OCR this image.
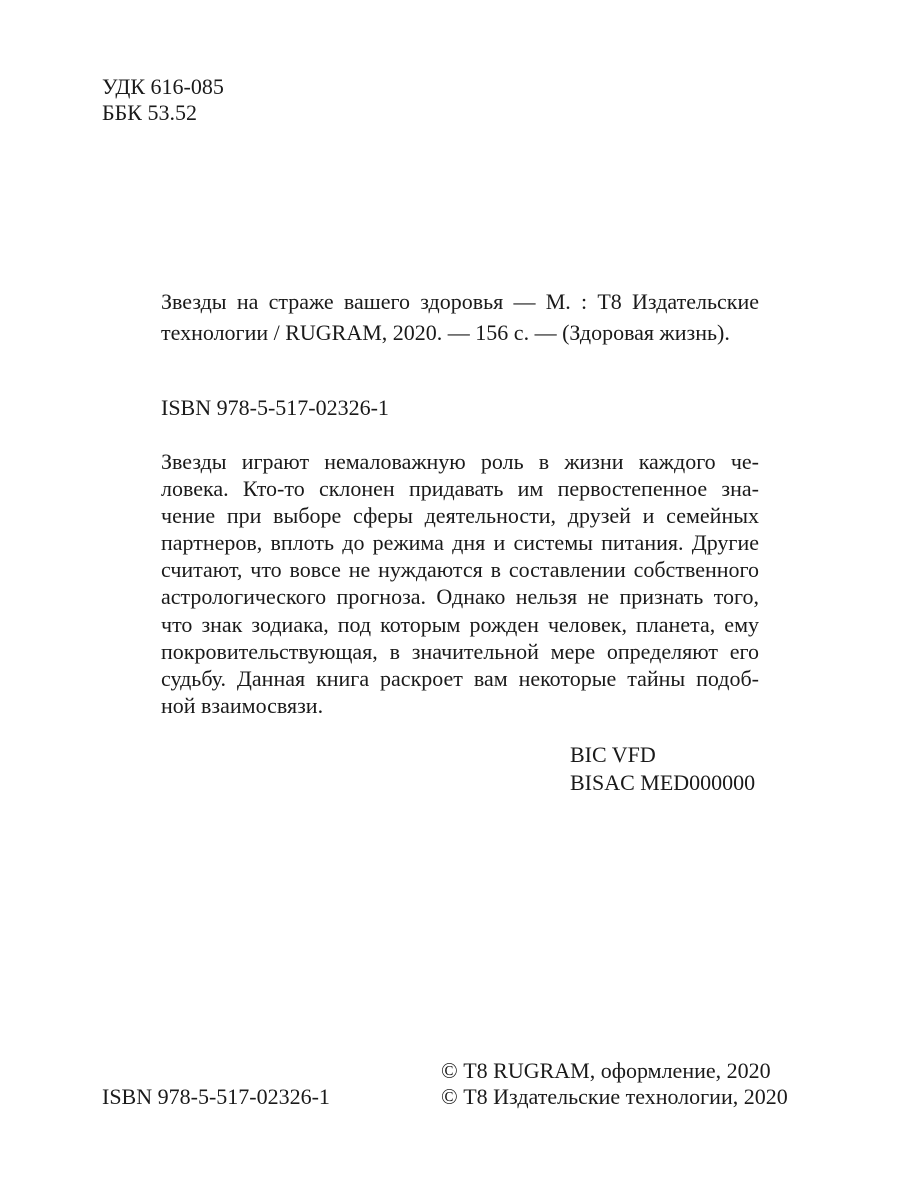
УДК 616-085
ББК 53.52
Звезды на страже вашего здоровья — М. : Т8 Издательские
технологии / RUGRAM, 2020. — 156 с. — (Здоровая жизнь).
ISBN 978-5-517-02326-1
Звезды играют немаловажную роль в жизни каждого че-
ловека. Кто-то склонен придавать им первостепенное зна-
чение при выборе сферы деятельности, друзей и семейных
партнеров, вплоть до режима дня и системы питания. Другие
считают, что вовсе не нуждаются в составлении собственного
астрологического прогноза. Однако нельзя не признать того,
что знак зодиака, под которым рожден человек, планета, ему
покровительствующая, в значительной мере определяют его
судьбу. Данная книга раскроет вам некоторые тайны подоб-
ной взаимосвязи.
BIC VFD
BISAC MED000000
© Т8 RUGRAM, оформление, 2020
© Т8 Издательские технологии, 2020
ISBN 978-5-517-02326-1
